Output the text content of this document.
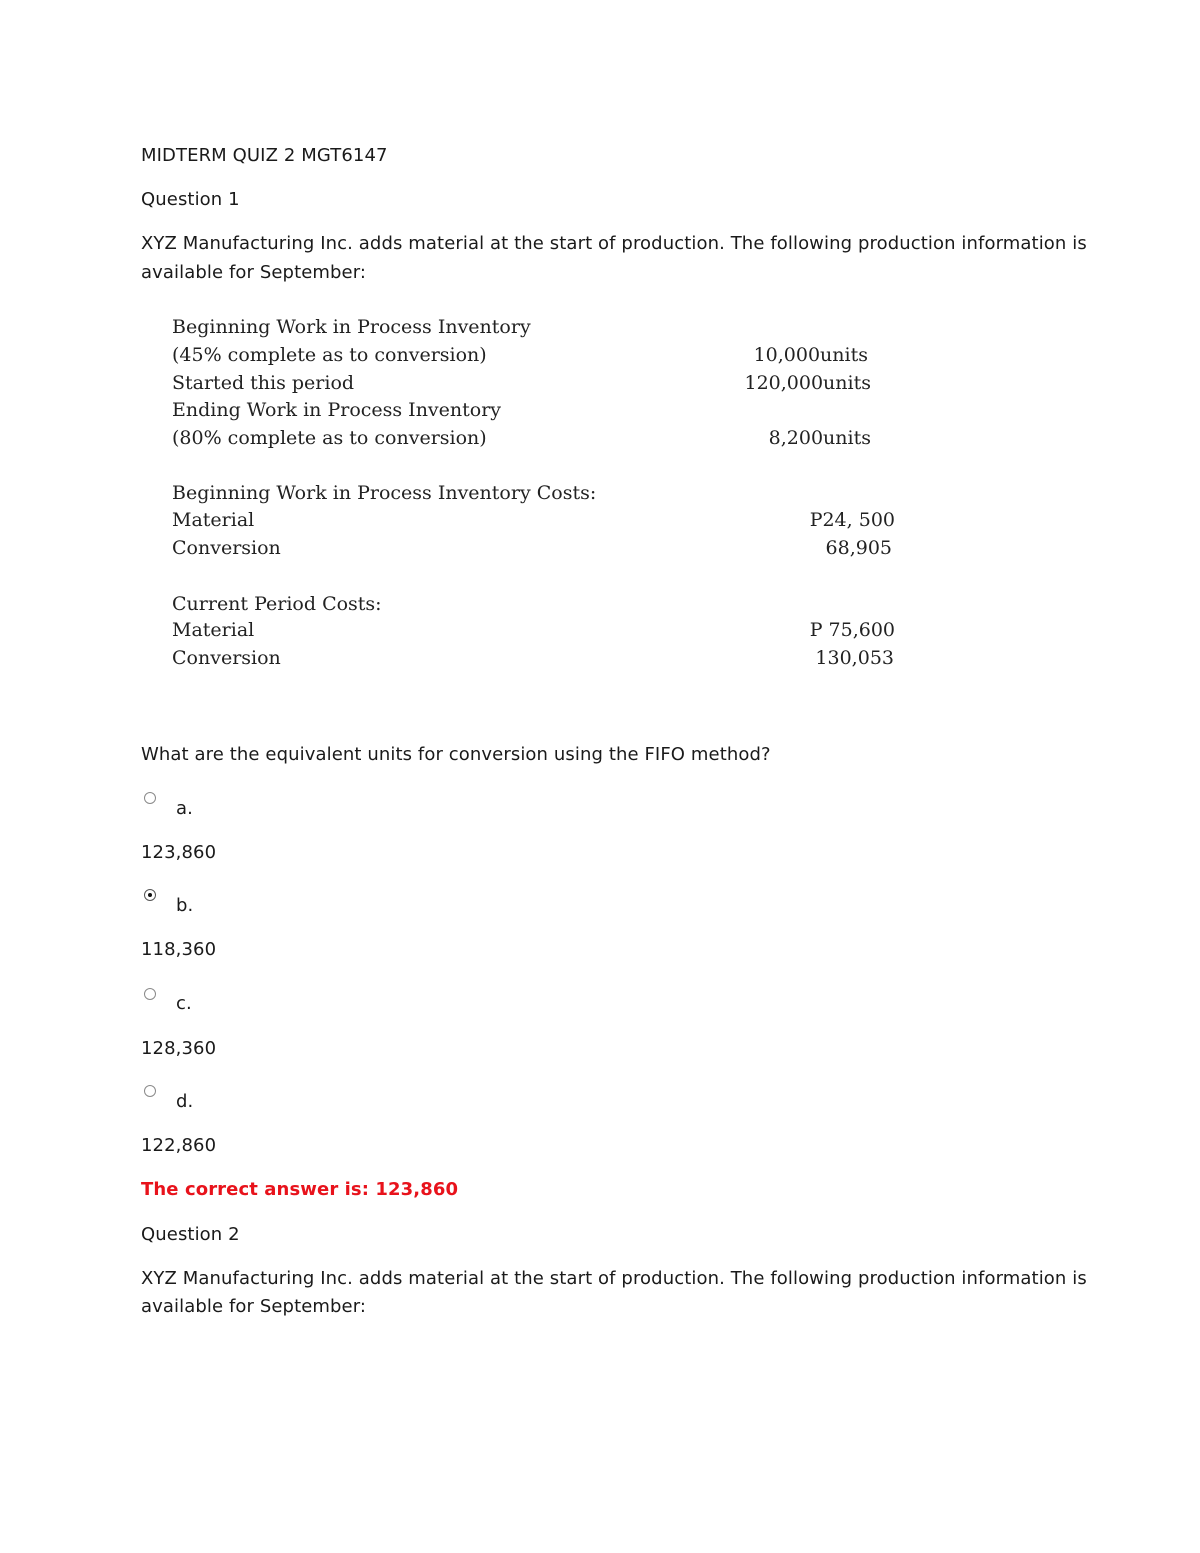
MIDTERM QUIZ 2 MGT6147
Question 1
XYZ Manufacturing Inc. adds material at the start of production. The following production information is
available for September:
Beginning Work in Process Inventory
(45% complete as to conversion)	10,000units
Started this period	120,000units
Ending Work in Process Inventory
(80% complete as to conversion)	8,200units
Beginning Work in Process Inventory Costs:
Material	P24, 500
Conversion	68,905
Current Period Costs:
Material	P 75,600
Conversion	130,053
What are the equivalent units for conversion using the FIFO method?
a.
123,860
b.
118,360
c.
128,360
d.
122,860
The correct answer is: 123,860
Question 2
XYZ Manufacturing Inc. adds material at the start of production. The following production information is
available for September:
